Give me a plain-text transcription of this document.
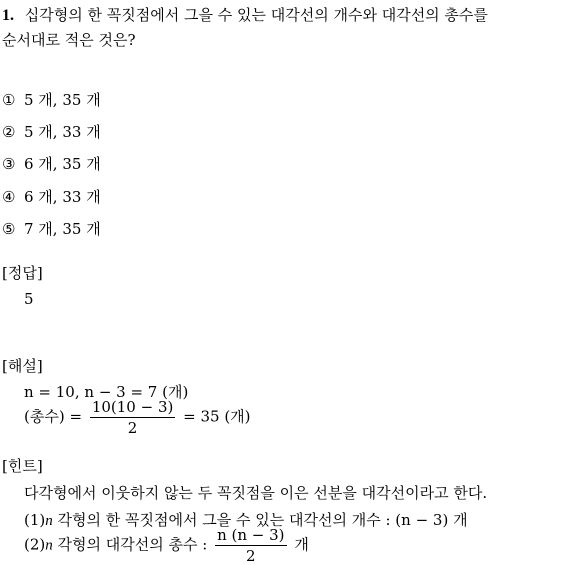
1. 십각형의 한 꼭짓점에서 그을 수 있는 대각선의 개수와 대각선의 총수를
순서대로 적은 것은?
① 5 개, 35 개
② 5 개, 33 개
③ 6 개, 35 개
④ 6 개, 33 개
⑤ 7 개, 35 개
[정답]
5
[해설]
n = 10, n − 3 = 7 (개)
(총수) = $\frac{10(10 - 3)}{2} = 35$ (개)
[힌트]
다각형에서 이웃하지 않는 두 꼭짓점을 이은 선분을 대각선이라고 한다.
(1)n 각형의 한 꼭짓점에서 그을 수 있는 대각선의 개수 : (n − 3) 개
(2)n 각형의 대각선의 총수 : $\frac{n (n - 3)}{2}$ 개
